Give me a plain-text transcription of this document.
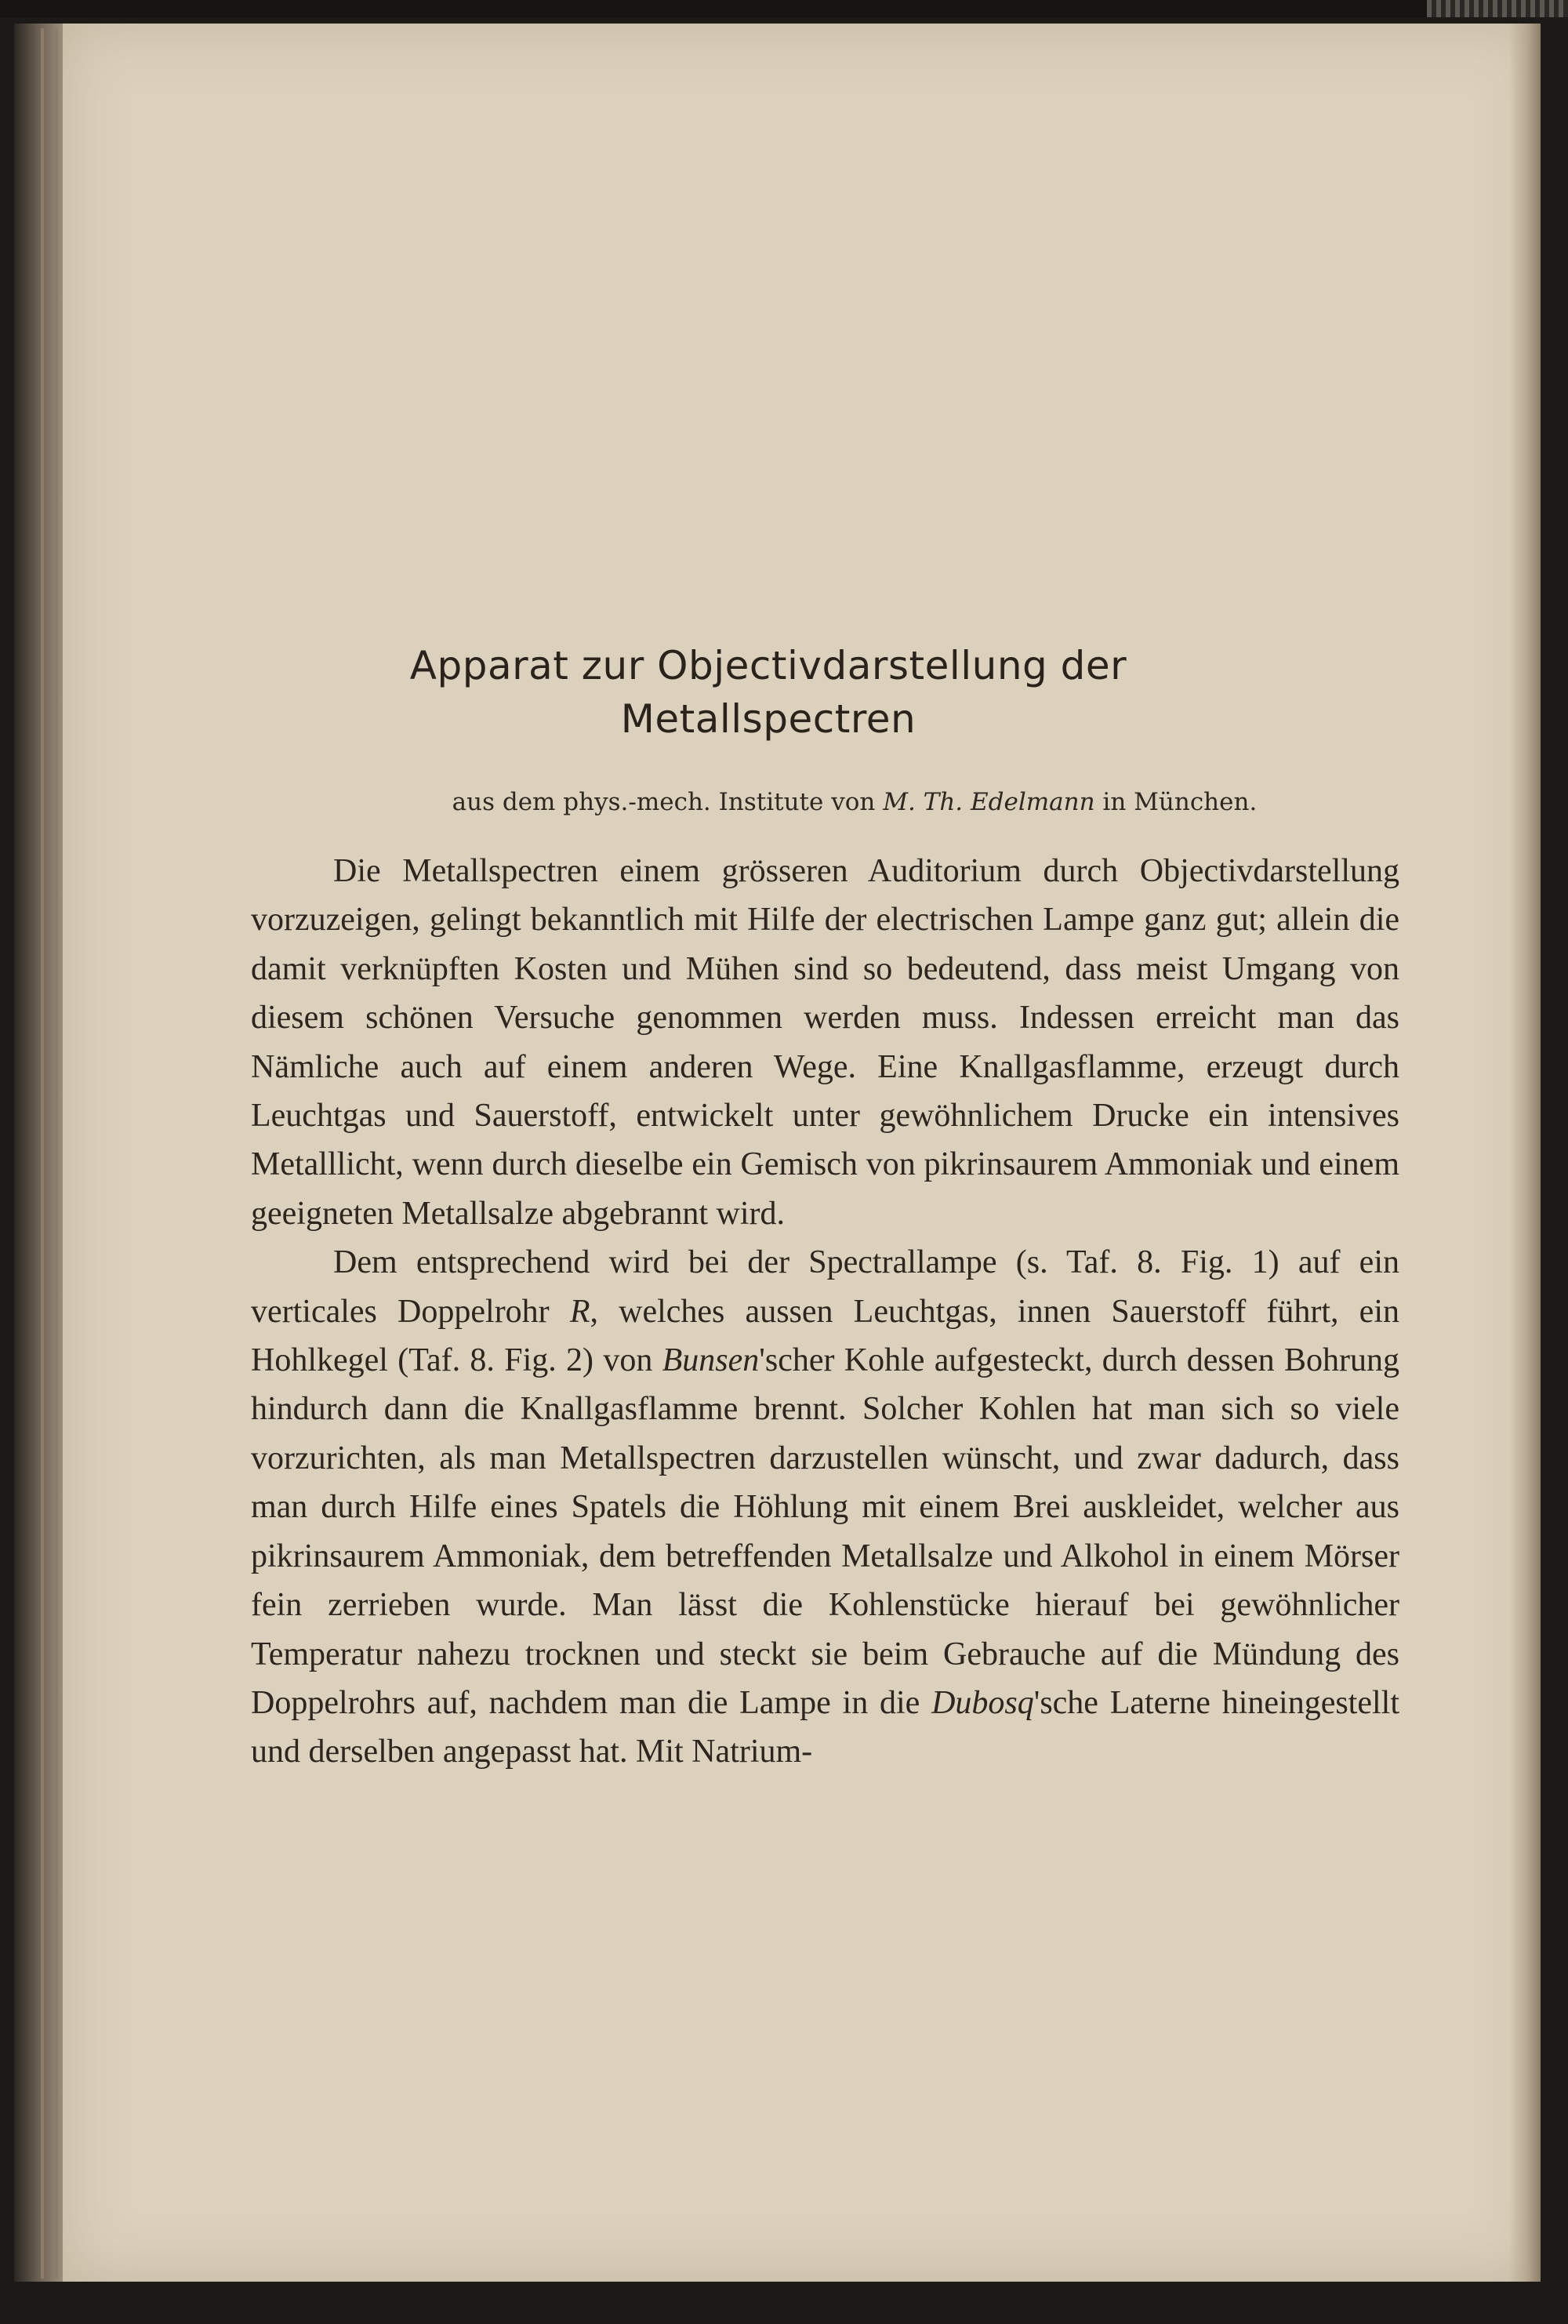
Apparat zur Objectivdarstellung der
Metallspectren
aus dem phys.-mech. Institute von M. Th. Edelmann in München.

Die Metallspectren einem grösseren Auditorium durch Objectivdarstellung vorzuzeigen, gelingt bekanntlich mit Hilfe der electrischen Lampe ganz gut; allein die damit verknüpften Kosten und Mühen sind so bedeutend, dass meist Umgang von diesem schönen Versuche genommen werden muss. Indessen erreicht man das Nämliche auch auf einem anderen Wege. Eine Knallgasflamme, erzeugt durch Leuchtgas und Sauerstoff, entwickelt unter gewöhnlichem Drucke ein intensives Metalllicht, wenn durch dieselbe ein Gemisch von pikrinsaurem Ammoniak und einem geeigneten Metallsalze abgebrannt wird.

Dem entsprechend wird bei der Spectrallampe (s. Taf. 8. Fig. 1) auf ein verticales Doppelrohr R, welches aussen Leuchtgas, innen Sauerstoff führt, ein Hohlkegel (Taf. 8. Fig. 2) von Bunsen'scher Kohle aufgesteckt, durch dessen Bohrung hindurch dann die Knallgasflamme brennt. Solcher Kohlen hat man sich so viele vorzurichten, als man Metallspectren darzustellen wünscht, und zwar dadurch, dass man durch Hilfe eines Spatels die Höhlung mit einem Brei auskleidet, welcher aus pikrinsaurem Ammoniak, dem betreffenden Metallsalze und Alkohol in einem Mörser fein zerrieben wurde. Man lässt die Kohlenstücke hierauf bei gewöhnlicher Temperatur nahezu trocknen und steckt sie beim Gebrauche auf die Mündung des Doppelrohrs auf, nachdem man die Lampe in die Dubosq'sche Laterne hineingestellt und derselben angepasst hat. Mit Natrium-
